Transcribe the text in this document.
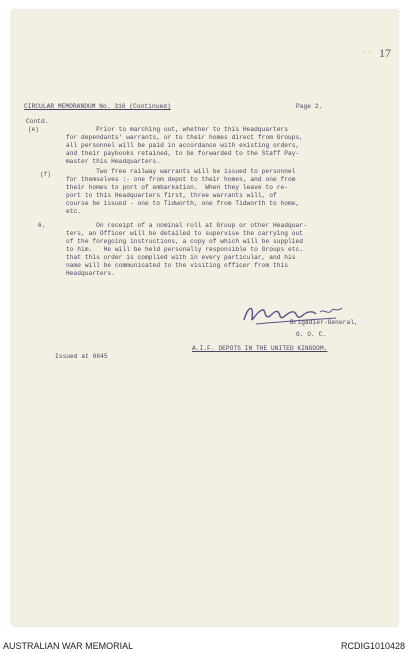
17
~ ~
CIRCULAR MEMORANDUM No. 316 (Continued)	Page 2.
Contd.
(e)
(f)
6.
Prior to marching out, whether to this Headquarters
for dependants' warrants, or to their homes direct from Groups,
all personnel will be paid in accordance with existing orders,
and their paybooks retained, to be forwarded to the Staff Pay-
master this Headquarters.
Two free railway warrants will be issued to personnel
for themselves :- one from depot to their homes, and one from
their homes to port of embarkation.  When they leave to re-
port to this Headquarters first, three warrants will, of
course be issued - one to Tidworth, one from Tidworth to home,
etc.
On receipt of a nominal roll at Group or other Headquar-
ters, an Officer will be detailed to supervise the carrying out
of the foregoing instructions, a copy of which will be supplied
to him.   He will be held personally responsible to Groups etc.
that this order is complied with in every particular, and his
name will be communicated to the visiting officer from this
Headquarters.
Brigadier-General,
G. O. C.
Issued at 0645
A.I.F. DEPOTS IN THE UNITED KINGDOM.
AUSTRALIAN WAR MEMORIAL	RCDIG1010428
